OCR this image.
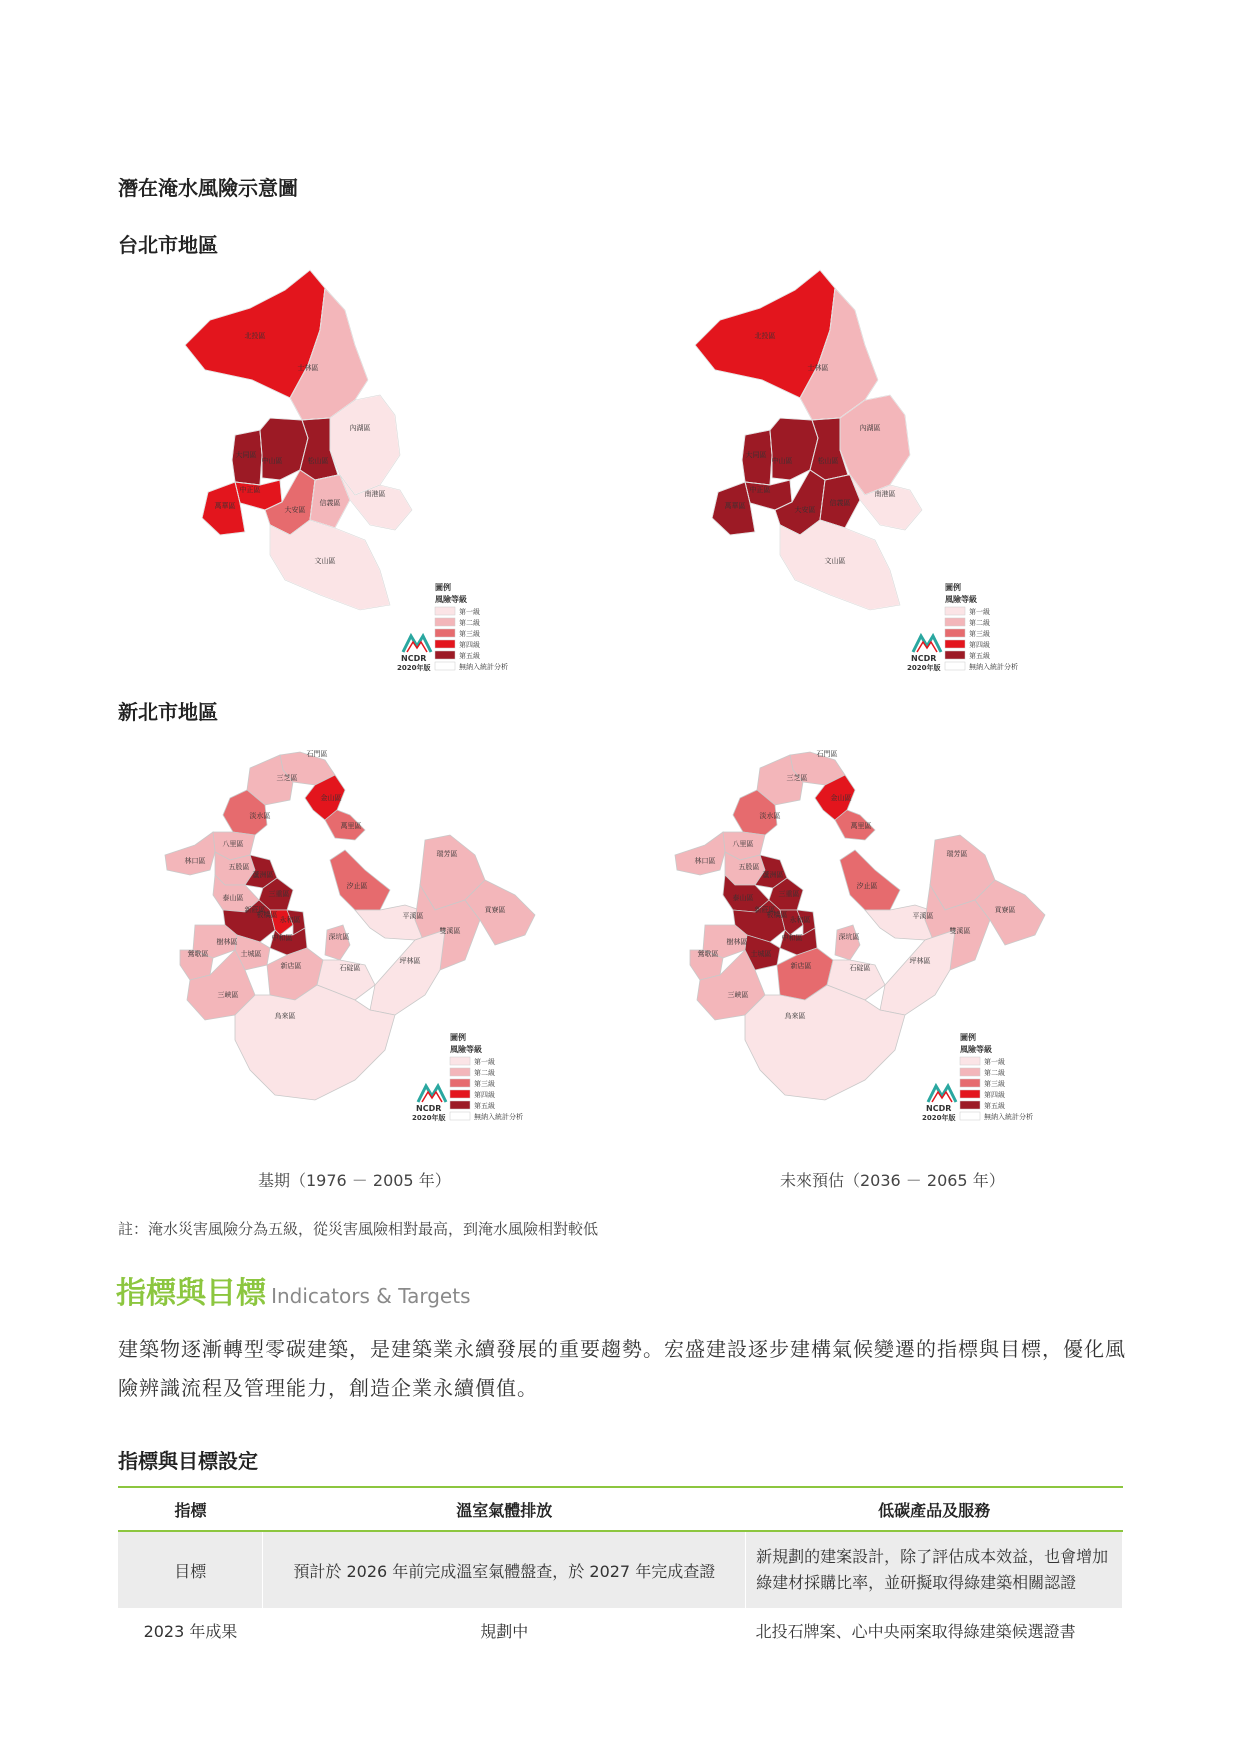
潛在淹水風險示意圖
台北市地區
新北市地區
北投區
士林區
內湖區
大同區
中山區	松山區
中正區
萬華區	大安區
信義區
南港區
文山區
圖例
風險等級
第一級
第二級
第三級
第四級
第五級
無納入統計分析
NCDR
2020年版
北投區
士林區
內湖區
大同區
中山區	松山區
中正區
萬華區	大安區
信義區
南港區
文山區
圖例
風險等級
第一級
第二級
第三級
第四級
第五級
無納入統計分析
NCDR
2020年版
石門區
三芝區
金山區
萬里區
淡水區
八里區
林口區
五股區
蘆洲區
三重區
泰山區
新莊區
板橋區
永和區
中和區
樹林區
鶯歌區	土城區
三峽區
新店區
深坑區
石碇區
汐止區
平溪區
瑞芳區
雙溪區
貢寮區
坪林區
烏來區
圖例
風險等級
第一級
第二級
第三級
第四級
第五級
無納入統計分析
NCDR
2020年版
石門區
三芝區
金山區
萬里區
淡水區
八里區
林口區
五股區
蘆洲區
三重區
泰山區
新莊區
板橋區
永和區
中和區
樹林區
鶯歌區	土城區
三峽區
新店區
深坑區
石碇區
汐止區
平溪區
瑞芳區
雙溪區
貢寮區
坪林區
烏來區
圖例
風險等級
第一級
第二級
第三級
第四級
第五級
無納入統計分析
NCDR
2020年版
基期（1976 － 2005 年）	未來預估（2036 － 2065 年）
註：淹水災害風險分為五級，從災害風險相對最高，到淹水風險相對較低
指標與目標 Indicators & Targets
建築物逐漸轉型零碳建築，是建築業永續發展的重要趨勢。宏盛建設逐步建構氣候變遷的指標與目標，優化風險辨識流程及管理能力，創造企業永續價值。
指標與目標設定
指標	溫室氣體排放	低碳產品及服務
目標	預計於 2026 年前完成溫室氣體盤查，於 2027 年完成查證	新規劃的建案設計，除了評估成本效益，也會增加綠建材採購比率，並研擬取得綠建築相關認證
2023 年成果	規劃中	北投石牌案、心中央兩案取得綠建築候選證書
